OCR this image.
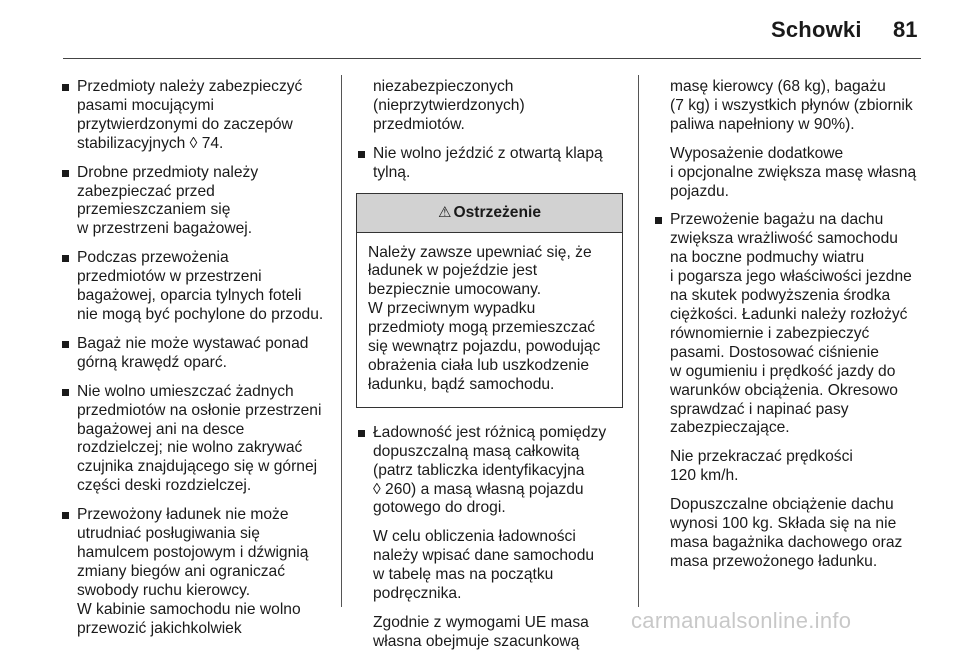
Schowki 81
Przedmioty należy zabezpieczyć
pasami mocującymi
przytwierdzonymi do zaczepów
stabilizacyjnych ◊ 74.
Drobne przedmioty należy
zabezpieczać przed
przemieszczaniem się
w przestrzeni bagażowej.
Podczas przewożenia
przedmiotów w przestrzeni
bagażowej, oparcia tylnych foteli
nie mogą być pochylone do przodu.
Bagaż nie może wystawać ponad
górną krawędź oparć.
Nie wolno umieszczać żadnych
przedmiotów na osłonie przestrzeni
bagażowej ani na desce
rozdzielczej; nie wolno zakrywać
czujnika znajdującego się w górnej
części deski rozdzielczej.
Przewożony ładunek nie może
utrudniać posługiwania się
hamulcem postojowym i dźwignią
zmiany biegów ani ograniczać
swobody ruchu kierowcy.
W kabinie samochodu nie wolno
przewozić jakichkolwiek
niezabezpieczonych
(nieprzytwierdzonych)
przedmiotów.
Nie wolno jeździć z otwartą klapą
tylną.
⚠ Ostrzeżenie
Należy zawsze upewniać się, że
ładunek w pojeździe jest
bezpiecznie umocowany.
W przeciwnym wypadku
przedmioty mogą przemieszczać
się wewnątrz pojazdu, powodując
obrażenia ciała lub uszkodzenie
ładunku, bądź samochodu.
Ładowność jest różnicą pomiędzy
dopuszczalną masą całkowitą
(patrz tabliczka identyfikacyjna
◊ 260) a masą własną pojazdu
gotowego do drogi.
W celu obliczenia ładowności
należy wpisać dane samochodu
w tabelę mas na początku
podręcznika.
Zgodnie z wymogami UE masa
własna obejmuje szacunkową
masę kierowcy (68 kg), bagażu
(7 kg) i wszystkich płynów (zbiornik
paliwa napełniony w 90%).
Wyposażenie dodatkowe
i opcjonalne zwiększa masę własną
pojazdu.
Przewożenie bagażu na dachu
zwiększa wrażliwość samochodu
na boczne podmuchy wiatru
i pogarsza jego właściwości jezdne
na skutek podwyższenia środka
ciężkości. Ładunki należy rozłożyć
równomiernie i zabezpieczyć
pasami. Dostosować ciśnienie
w ogumieniu i prędkość jazdy do
warunków obciążenia. Okresowo
sprawdzać i napinać pasy
zabezpieczające.
Nie przekraczać prędkości
120 km/h.
Dopuszczalne obciążenie dachu
wynosi 100 kg. Składa się na nie
masa bagażnika dachowego oraz
masa przewożonego ładunku.
carmanualsonline.info
